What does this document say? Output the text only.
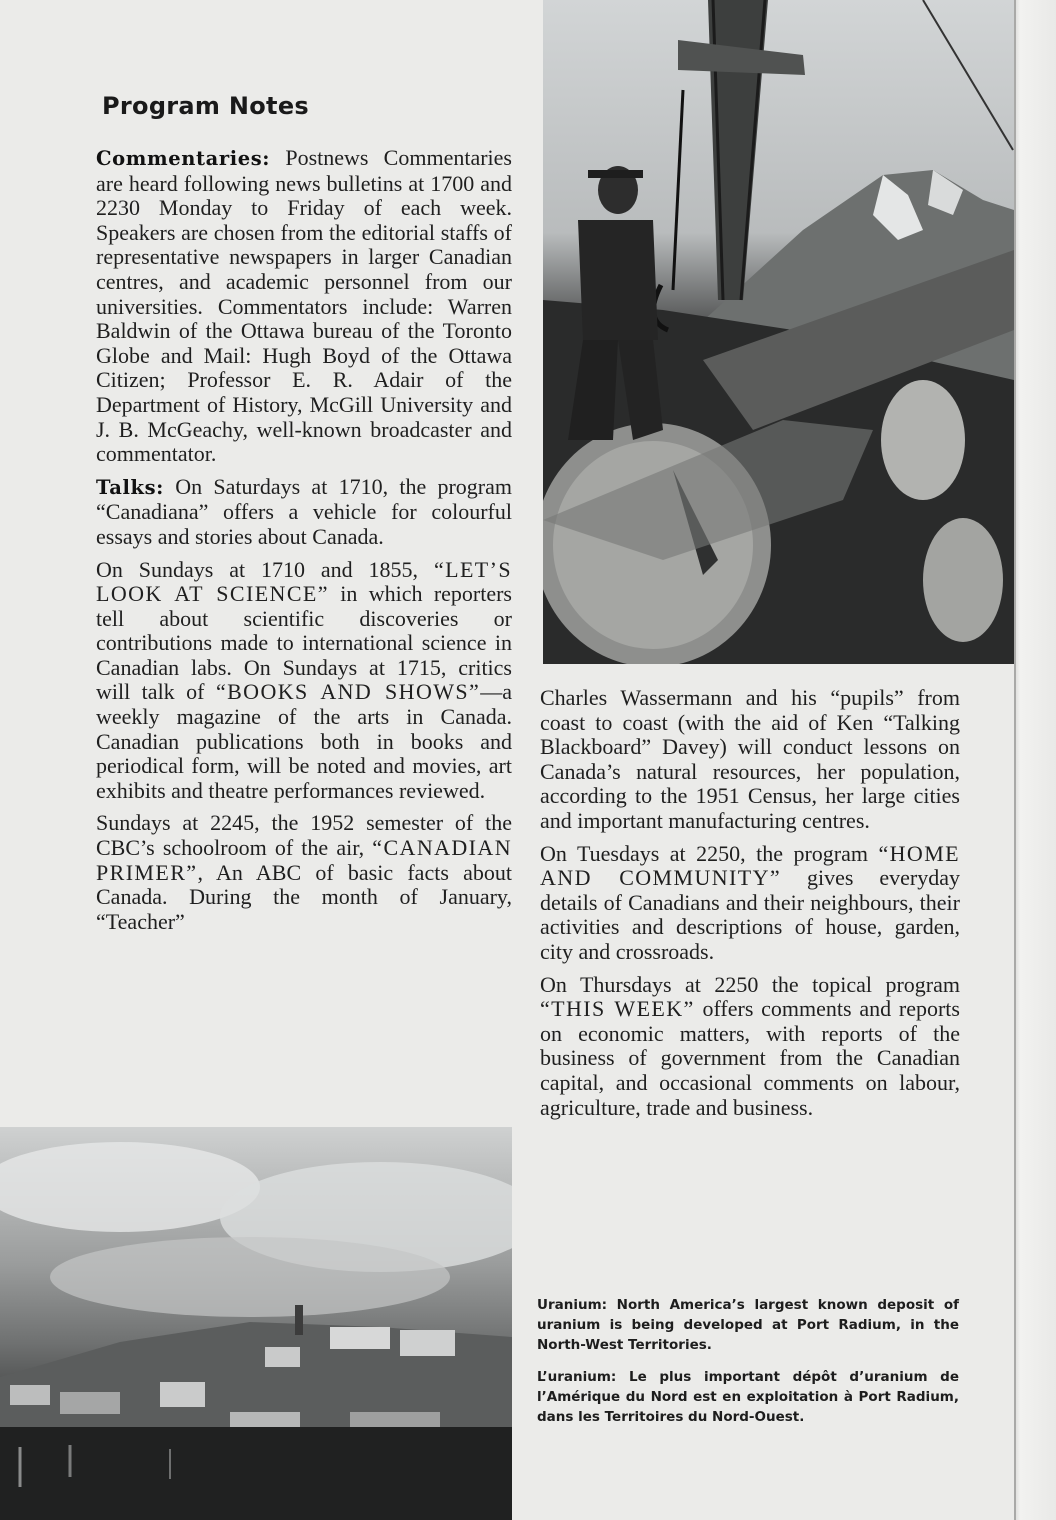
Program Notes

Commentaries: Postnews Commentaries are heard following news bulletins at 1700 and 2230 Monday to Friday of each week. Speakers are chosen from the editorial staffs of representative newspapers in larger Canadian centres, and academic personnel from our universities. Commentators include: Warren Baldwin of the Ottawa bureau of the Toronto Globe and Mail: Hugh Boyd of the Ottawa Citizen; Professor E. R. Adair of the Department of History, McGill University and J. B. McGeachy, well-known broadcaster and commentator.

Talks: On Saturdays at 1710, the program “Canadiana” offers a vehicle for colourful essays and stories about Canada.

On Sundays at 1710 and 1855, “LET’S LOOK AT SCIENCE” in which reporters tell about scientific discoveries or contributions made to international science in Canadian labs. On Sundays at 1715, critics will talk of “BOOKS AND SHOWS”—a weekly magazine of the arts in Canada. Canadian publications both in books and periodical form, will be noted and movies, art exhibits and theatre performances reviewed.

Sundays at 2245, the 1952 semester of the CBC’s schoolroom of the air, “CANADIAN PRIMER”, An ABC of basic facts about Canada. During the month of January, “Teacher”

Charles Wassermann and his “pupils” from coast to coast (with the aid of Ken “Talking Blackboard” Davey) will conduct lessons on Canada’s natural resources, her population, according to the 1951 Census, her large cities and important manufacturing centres.

On Tuesdays at 2250, the program “HOME AND COMMUNITY” gives everyday details of Canadians and their neighbours, their activities and descriptions of house, garden, city and crossroads.

On Thursdays at 2250 the topical program “THIS WEEK” offers comments and reports on economic matters, with reports of the business of government from the Canadian capital, and occasional comments on labour, agriculture, trade and business.

Uranium: North America’s largest known deposit of uranium is being developed at Port Radium, in the North-West Territories.

L’uranium: Le plus important dépôt d’uranium de l’Amérique du Nord est en exploitation à Port Radium, dans les Territoires du Nord-Ouest.
